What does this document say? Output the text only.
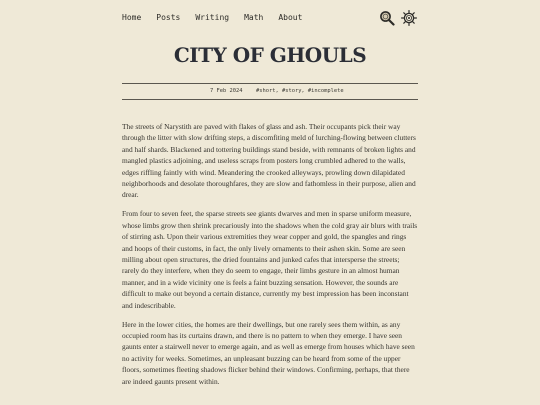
Home Posts Writing Math About
CITY OF GHOULS
7 Feb 2024	#short, #story, #incomplete

The streets of Narystith are paved with flakes of glass and ash. Their occupants pick their way through the litter with slow drifting steps, a discomfiting meld of lurching-flowing between clutters and half shards. Blackened and tottering buildings stand beside, with remnants of broken lights and mangled plastics adjoining, and useless scraps from posters long crumbled adhered to the walls, edges riffling faintly with wind. Meandering the crooked alleyways, prowling down dilapidated neighborhoods and desolate thoroughfares, they are slow and fathomless in their purpose, alien and drear.

From four to seven feet, the sparse streets see giants dwarves and men in sparse uniform measure, whose limbs grow then shrink precariously into the shadows when the cold gray air blurs with trails of stirring ash. Upon their various extremities they wear copper and gold, the spangles and rings and hoops of their customs, in fact, the only lively ornaments to their ashen skin. Some are seen milling about open structures, the dried fountains and junked cafes that intersperse the streets; rarely do they interfere, when they do seem to engage, their limbs gesture in an almost human manner, and in a wide vicinity one is feels a faint buzzing sensation. However, the sounds are difficult to make out beyond a certain distance, currently my best impression has been inconstant and indescribable.

Here in the lower cities, the homes are their dwellings, but one rarely sees them within, as any occupied room has its curtains drawn, and there is no pattern to when they emerge. I have seen gaunts enter a stairwell never to emerge again, and as well as emerge from houses which have seen no activity for weeks. Sometimes, an unpleasant buzzing can be heard from some of the upper floors, sometimes fleeting shadows flicker behind their windows. Confirming, perhaps, that there are indeed gaunts present within.
